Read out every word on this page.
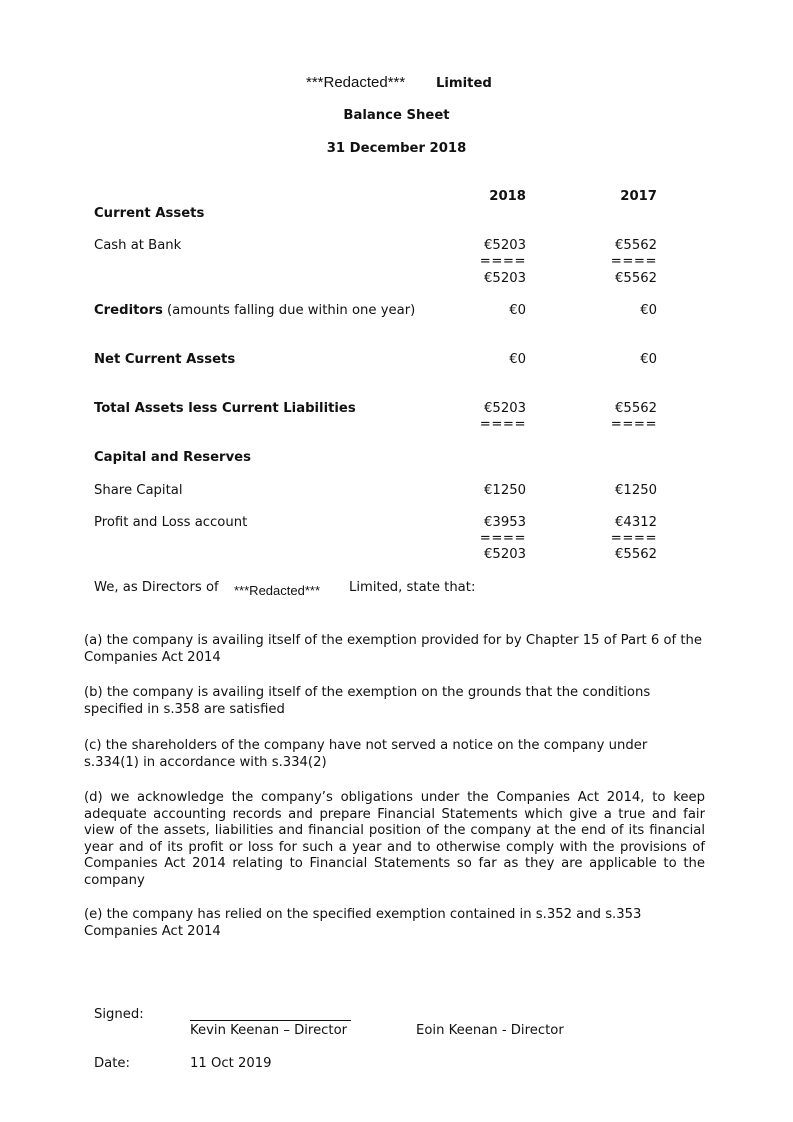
***Redacted*** Limited
Balance Sheet
31 December 2018
2018	2017
Current Assets
Cash at Bank	€5203	€5562
====	====
€5203	€5562
Creditors (amounts falling due within one year)	€0	€0
Net Current Assets	€0	€0
Total Assets less Current Liabilities	€5203	€5562
====	====
Capital and Reserves
Share Capital	€1250	€1250
Profit and Loss account	€3953	€4312
====	====
€5203	€5562
We, as Directors of ***Redacted*** Limited, state that:
(a) the company is availing itself of the exemption provided for by Chapter 15 of Part 6 of the Companies Act 2014
(b) the company is availing itself of the exemption on the grounds that the conditions specified in s.358 are satisfied
(c) the shareholders of the company have not served a notice on the company under s.334(1) in accordance with s.334(2)
(d) we acknowledge the company’s obligations under the Companies Act 2014, to keep adequate accounting records and prepare Financial Statements which give a true and fair view of the assets, liabilities and financial position of the company at the end of its financial year and of its profit or loss for such a year and to otherwise comply with the provisions of Companies Act 2014 relating to Financial Statements so far as they are applicable to the company
(e) the company has relied on the specified exemption contained in s.352 and s.353 Companies Act 2014
Signed:
Kevin Keenan – Director	Eoin Keenan - Director
Date:	11 Oct 2019
